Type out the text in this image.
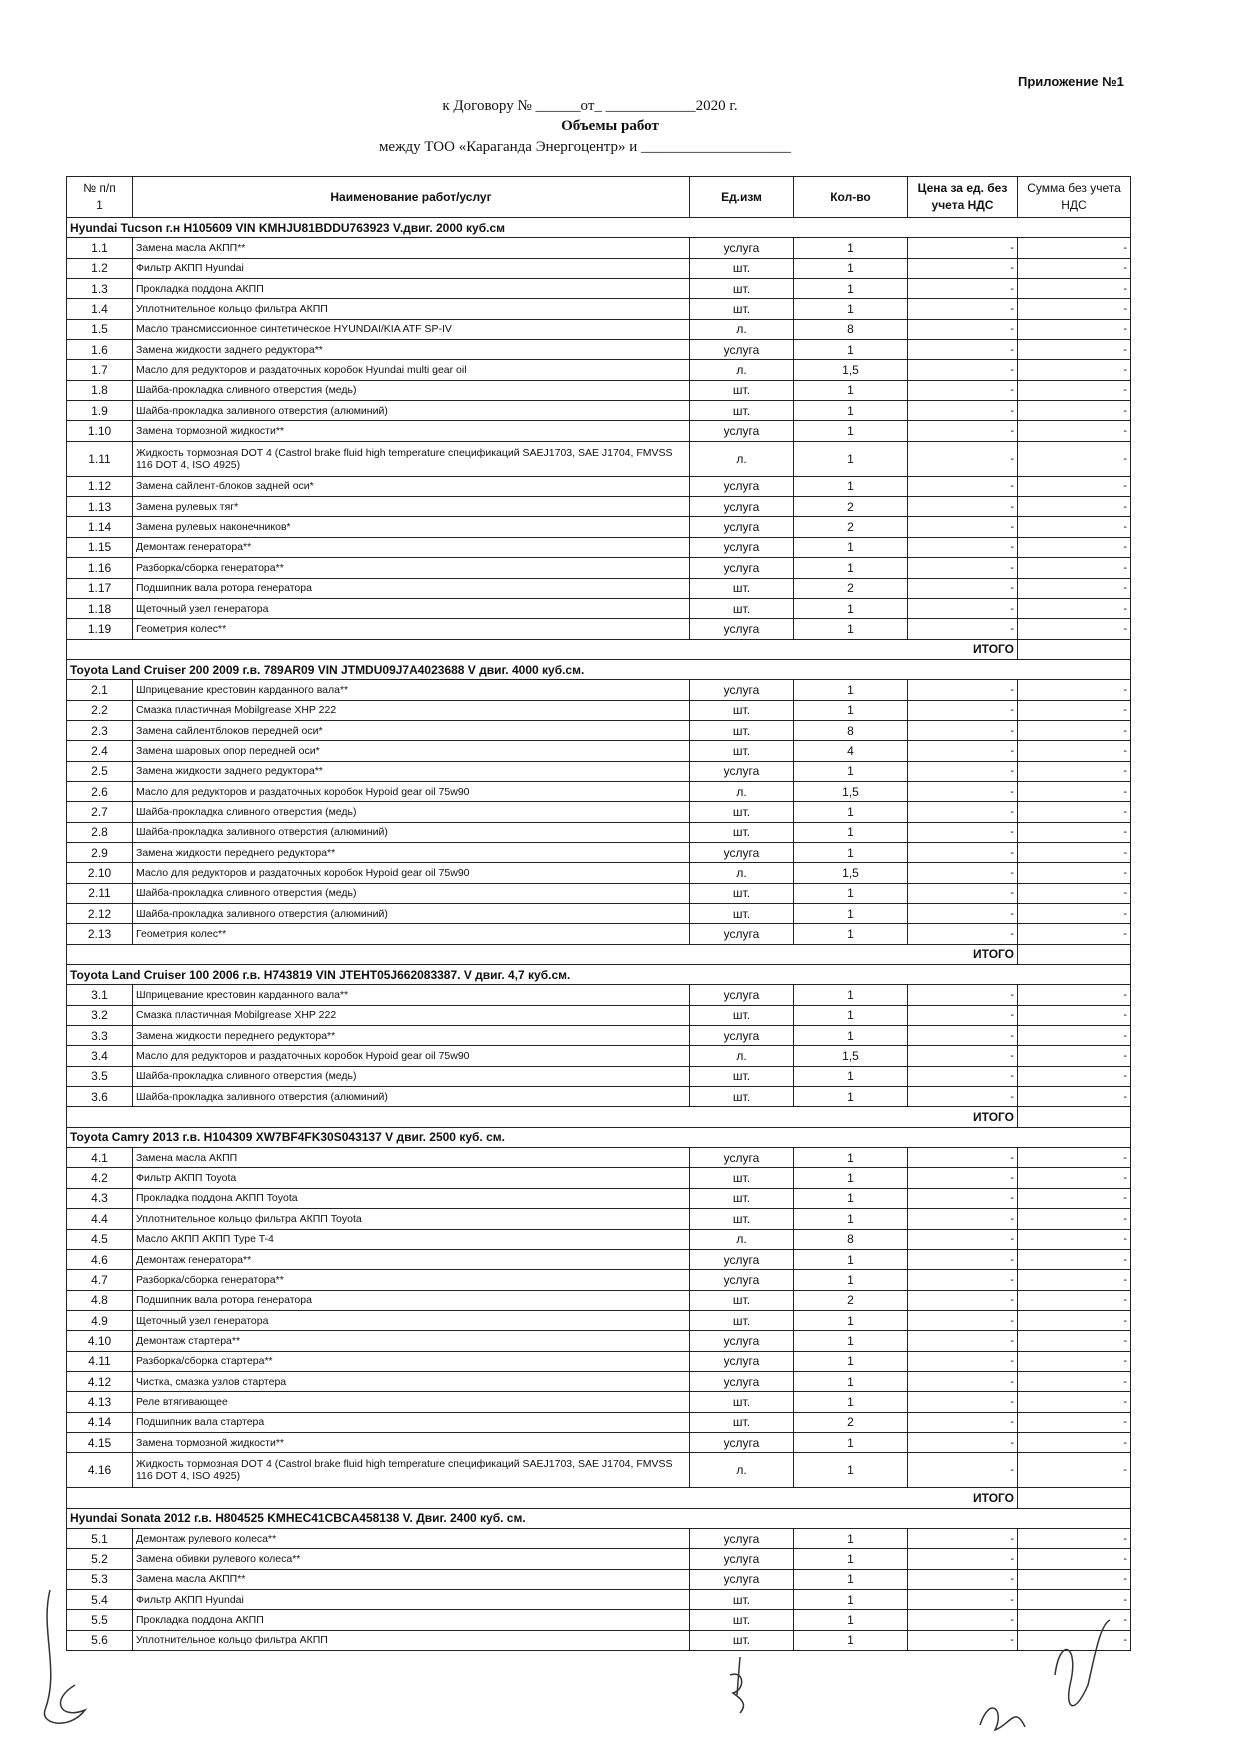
Приложение №1
к Договору № ______от_ ____________2020 г.
Объемы работ
между ТОО «Караганда Энергоцентр» и ____________________
№ п/п
1	Наименование работ/услуг	Ед.изм	Кол-во	Цена за ед. без учета НДС	Сумма без учета НДС
Hyundai Tucson г.н H105609 VIN KMHJU81BDDU763923 V.двиг. 2000 куб.см					
1.1	Замена масла АКПП**	услуга	1	-	-
1.2	Фильтр АКПП Hyundai	шт.	1	-	-
1.3	Прокладка поддона АКПП	шт.	1	-	-
1.4	Уплотнительное кольцо фильтра АКПП	шт.	1	-	-
1.5	Масло трансмиссионное синтетическое HYUNDAI/KIA ATF SP-IV	л.	8	-	-
1.6	Замена жидкости заднего редуктора**	услуга	1	-	-
1.7	Масло для редукторов и раздаточных коробок Hyundai multi gear oil	л.	1,5	-	-
1.8	Шайба-прокладка сливного отверстия (медь)	шт.	1	-	-
1.9	Шайба-прокладка заливного отверстия (алюминий)	шт.	1	-	-
1.10	Замена тормозной жидкости**	услуга	1	-	-
1.11	Жидкость тормозная DOT 4 (Castrol brake fluid high temperature спецификаций SAEJ1703, SAE J1704, FMVSS 116 DOT 4, ISO 4925)	л.	1	-	-
1.12	Замена сайлент-блоков задней оси*	услуга	1	-	-
1.13	Замена рулевых тяг*	услуга	2	-	-
1.14	Замена рулевых наконечников*	услуга	2	-	-
1.15	Демонтаж генератора**	услуга	1	-	-
1.16	Разборка/сборка генератора**	услуга	1	-	-
1.17	Подшипник вала ротора генератора	шт.	2	-	-
1.18	Щеточный узел генератора	шт.	1	-	-
1.19	Геометрия колес**	услуга	1	-	-
				ИТОГО	
Toyota Land Cruiser 200 2009 г.в. 789AR09 VIN JTMDU09J7A4023688 V двиг. 4000 куб.см.					
2.1	Шприцевание крестовин карданного вала**	услуга	1	-	-
2.2	Смазка пластичная Mobilgrease XHP 222	шт.	1	-	-
2.3	Замена сайлентблоков передней оси*	шт.	8	-	-
2.4	Замена шаровых опор передней оси*	шт.	4	-	-
2.5	Замена жидкости заднего редуктора**	услуга	1	-	-
2.6	Масло для редукторов и раздаточных коробок Hypoid gear oil 75w90	л.	1,5	-	-
2.7	Шайба-прокладка сливного отверстия (медь)	шт.	1	-	-
2.8	Шайба-прокладка заливного отверстия (алюминий)	шт.	1	-	-
2.9	Замена жидкости переднего редуктора**	услуга	1	-	-
2.10	Масло для редукторов и раздаточных коробок Hypoid gear oil 75w90	л.	1,5	-	-
2.11	Шайба-прокладка сливного отверстия (медь)	шт.	1	-	-
2.12	Шайба-прокладка заливного отверстия (алюминий)	шт.	1	-	-
2.13	Геометрия колес**	услуга	1	-	-
				ИТОГО	
Toyota Land Cruiser 100 2006 г.в. H743819 VIN JTEHT05J662083387. V двиг. 4,7 куб.см.					
3.1	Шприцевание крестовин карданного вала**	услуга	1	-	-
3.2	Смазка пластичная Mobilgrease XHP 222	шт.	1	-	-
3.3	Замена жидкости переднего редуктора**	услуга	1	-	-
3.4	Масло для редукторов и раздаточных коробок Hypoid gear oil 75w90	л.	1,5	-	-
3.5	Шайба-прокладка сливного отверстия (медь)	шт.	1	-	-
3.6	Шайба-прокладка заливного отверстия (алюминий)	шт.	1	-	-
				ИТОГО	
Toyota Camry 2013 г.в. H104309 XW7BF4FK30S043137 V двиг. 2500 куб. см.					
4.1	Замена масла АКПП	услуга	1	-	-
4.2	Фильтр АКПП Toyota	шт.	1	-	-
4.3	Прокладка поддона АКПП Toyota	шт.	1	-	-
4.4	Уплотнительное кольцо фильтра АКПП Toyota	шт.	1	-	-
4.5	Масло АКПП АКПП Type T-4	л.	8	-	-
4.6	Демонтаж генератора**	услуга	1	-	-
4.7	Разборка/сборка генератора**	услуга	1	-	-
4.8	Подшипник вала ротора генератора	шт.	2	-	-
4.9	Щеточный узел генератора	шт.	1	-	-
4.10	Демонтаж стартера**	услуга	1	-	-
4.11	Разборка/сборка стартера**	услуга	1	-	-
4.12	Чистка, смазка узлов стартера	услуга	1	-	-
4.13	Реле втягивающее	шт.	1	-	-
4.14	Подшипник вала стартера	шт.	2	-	-
4.15	Замена тормозной жидкости**	услуга	1	-	-
4.16	Жидкость тормозная DOT 4 (Castrol brake fluid high temperature спецификаций SAEJ1703, SAE J1704, FMVSS 116 DOT 4, ISO 4925)	л.	1	-	-
				ИТОГО	
Hyundai Sonata 2012 г.в. H804525 KMHEC41CBCA458138 V. Двиг. 2400 куб. см.					
5.1	Демонтаж рулевого колеса**	услуга	1	-	-
5.2	Замена обивки рулевого колеса**	услуга	1	-	-
5.3	Замена масла АКПП**	услуга	1	-	-
5.4	Фильтр АКПП Hyundai	шт.	1	-	-
5.5	Прокладка поддона АКПП	шт.	1	-	-
5.6	Уплотнительное кольцо фильтра АКПП	шт.	1	-	-
